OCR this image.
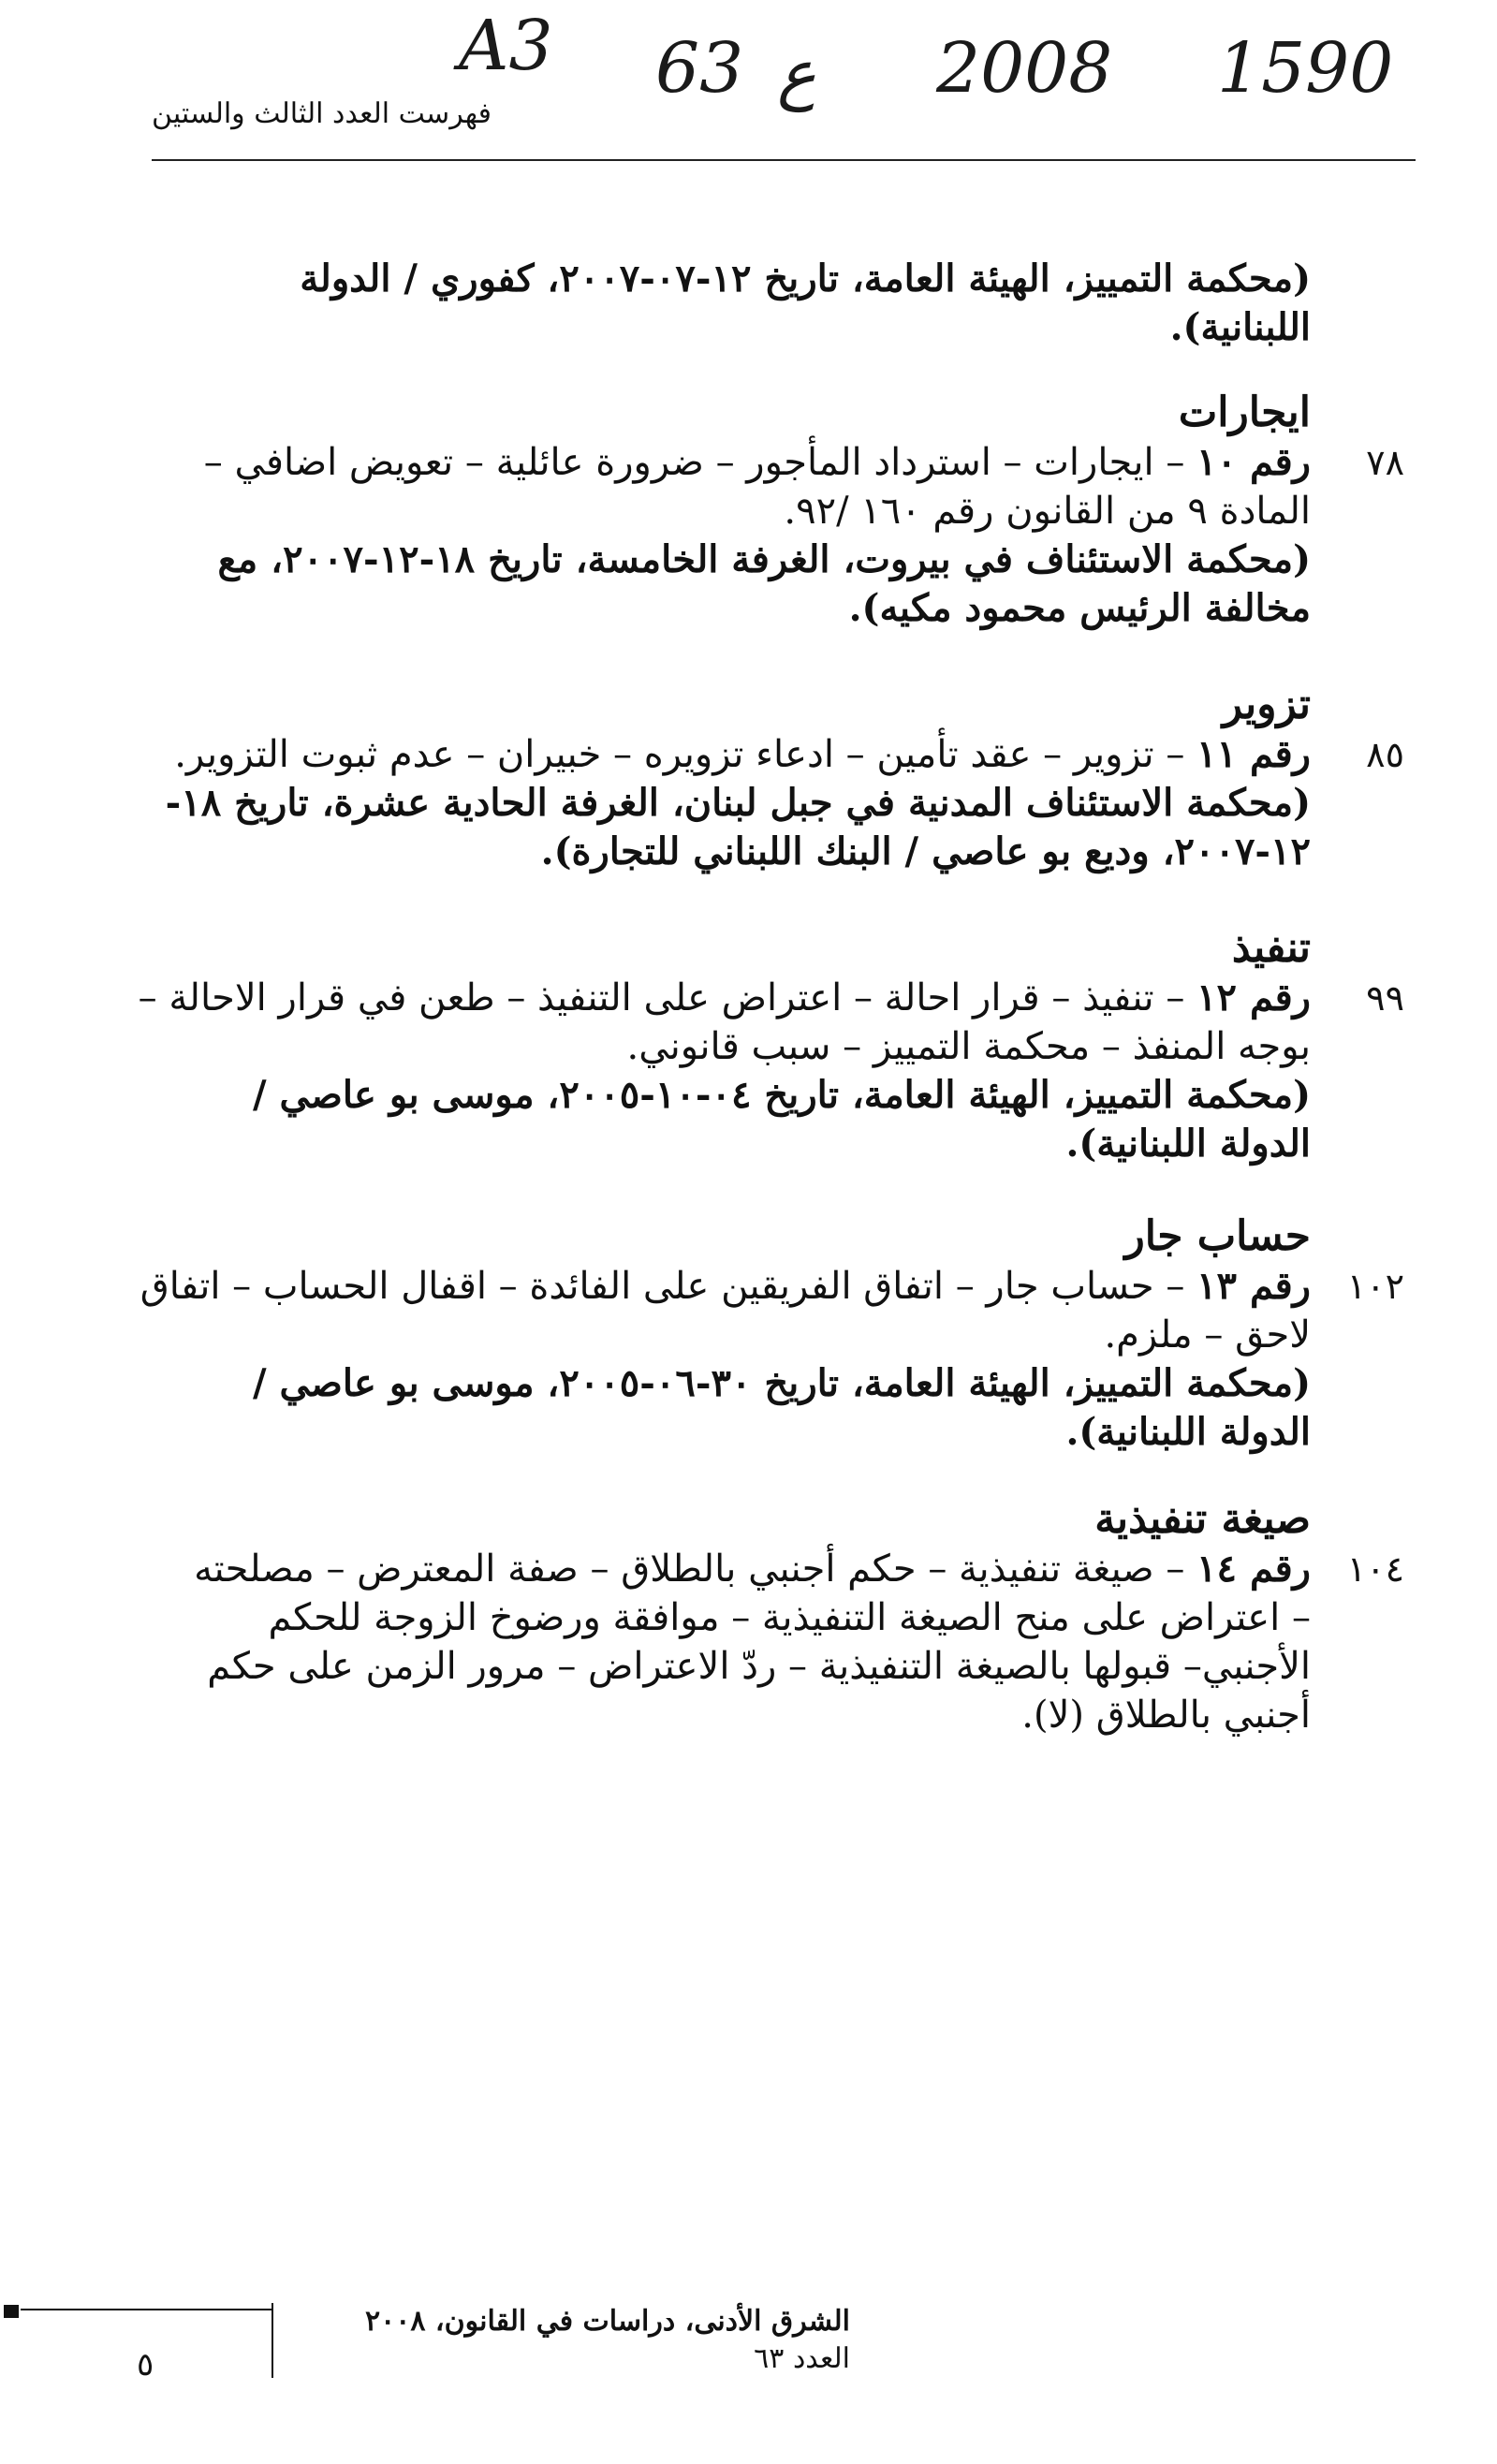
A3 63 ع 2008 1590
فهرست العدد الثالث والستين
(محكمة التمييز، الهيئة العامة، تاريخ ١٢-٠٧-٢٠٠٧، كفوري / الدولة
اللبنانية).
ايجارات
٧٨
رقم ١٠ – ايجارات – استرداد المأجور – ضرورة عائلية – تعويض اضافي –
المادة ٩ من القانون رقم ١٦٠ /٩٢.
(محكمة الاستئناف في بيروت، الغرفة الخامسة، تاريخ ١٨-١٢-٢٠٠٧، مع
مخالفة الرئيس محمود مكيه).
تزوير
٨٥
رقم ١١ – تزوير – عقد تأمين – ادعاء تزويره – خبيران – عدم ثبوت التزوير.
(محكمة الاستئناف المدنية في جبل لبنان، الغرفة الحادية عشرة، تاريخ ١٨-
١٢-٢٠٠٧، وديع بو عاصي / البنك اللبناني للتجارة).
تنفيذ
٩٩
رقم ١٢ – تنفيذ – قرار احالة – اعتراض على التنفيذ – طعن في قرار الاحالة –
بوجه المنفذ – محكمة التمييز – سبب قانوني.
(محكمة التمييز، الهيئة العامة، تاريخ ٠٤-١٠-٢٠٠٥، موسى بو عاصي /
الدولة اللبنانية).
حساب جار
١٠٢
رقم ١٣ – حساب جار – اتفاق الفريقين على الفائدة – اقفال الحساب – اتفاق
لاحق – ملزم.
(محكمة التمييز، الهيئة العامة، تاريخ ٣٠-٠٦-٢٠٠٥، موسى بو عاصي /
الدولة اللبنانية).
صيغة تنفيذية
١٠٤
رقم ١٤ – صيغة تنفيذية – حكم أجنبي بالطلاق – صفة المعترض – مصلحته
– اعتراض على منح الصيغة التنفيذية – موافقة ورضوخ الزوجة للحكم
الأجنبي– قبولها بالصيغة التنفيذية – ردّ الاعتراض – مرور الزمن على حكم
أجنبي بالطلاق (لا).
٥
الشرق الأدنى، دراسات في القانون، ٢٠٠٨
العدد ٦٣
